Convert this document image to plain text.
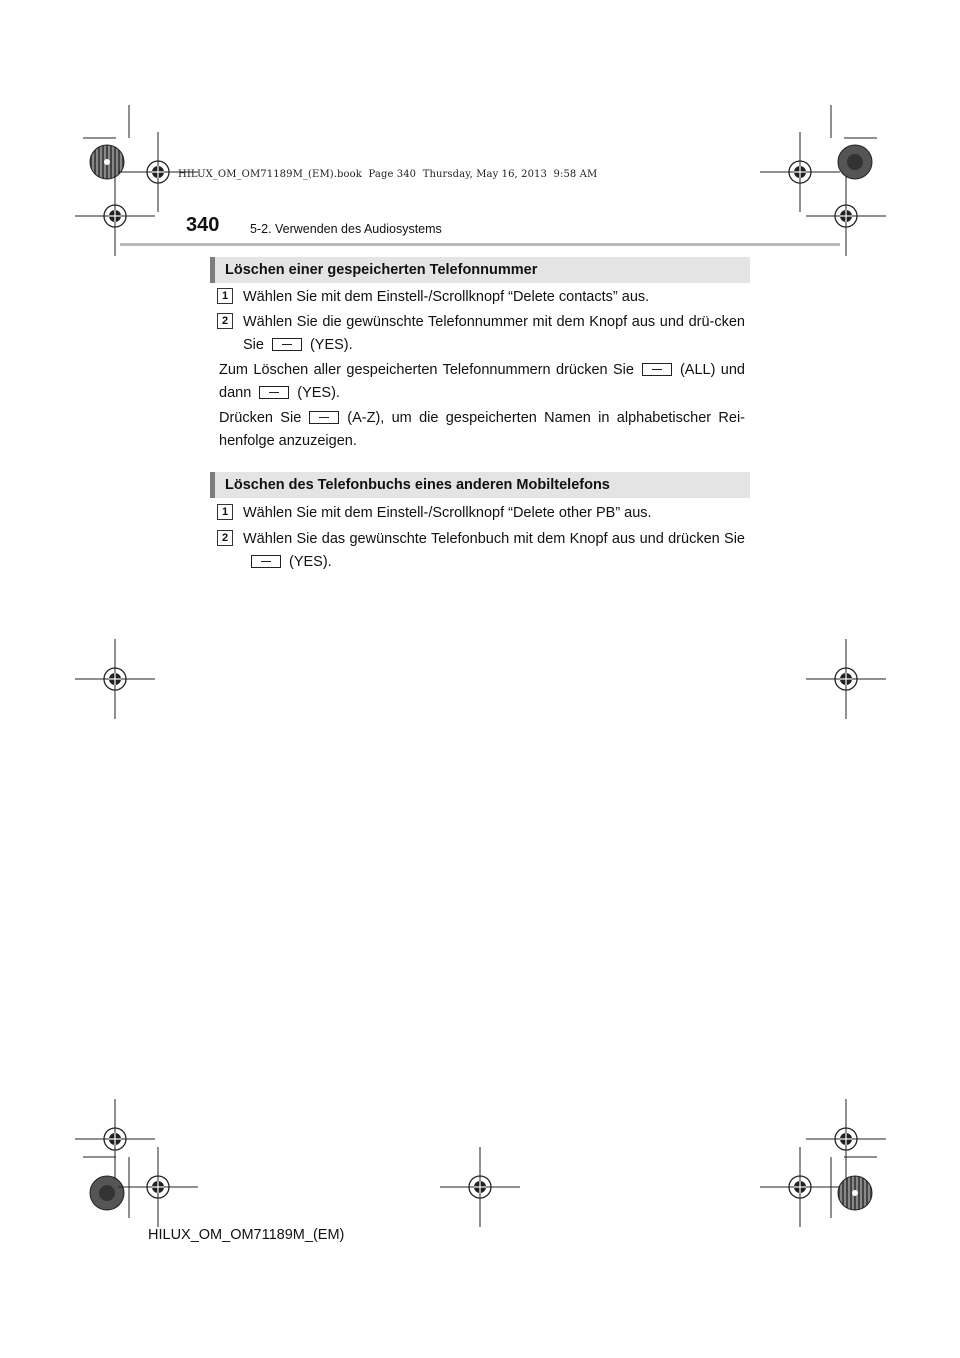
HILUX_OM_OM71189M_(EM).book  Page 340  Thursday, May 16, 2013  9:58 AM
340 5-2. Verwenden des Audiosystems
Löschen einer gespeicherten Telefonnummer
1	Wählen Sie mit dem Einstell-/Scrollknopf “Delete contacts” aus.
2	Wählen Sie die gewünschte Telefonnummer mit dem Knopf aus und drü-cken Sie	(YES).
Zum Löschen aller gespeicherten Telefonnummern drücken Sie	(ALL) und dann	(YES).
Drücken Sie	(A-Z), um die gespeicherten Namen in alphabetischer Rei-henfolge anzuzeigen.
Löschen des Telefonbuchs eines anderen Mobiltelefons
1	Wählen Sie mit dem Einstell-/Scrollknopf “Delete other PB” aus.
2	Wählen Sie das gewünschte Telefonbuch mit dem Knopf aus und drücken Sie(YES).
HILUX_OM_OM71189M_(EM)
